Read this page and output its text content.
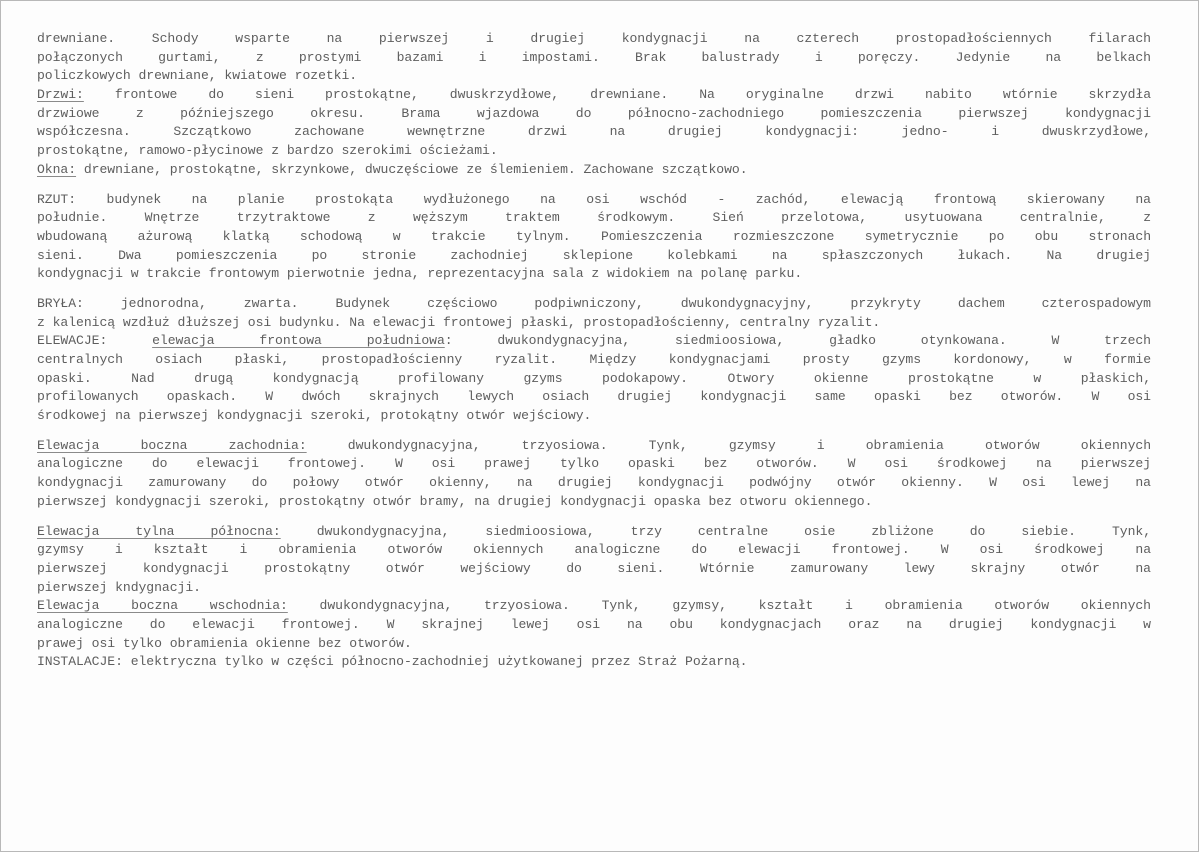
drewniane. Schody wsparte na pierwszej i drugiej kondygnacji na czterech prostopadłościennych filarach
połączonych gurtami, z prostymi bazami i impostami. Brak balustrady i poręczy. Jedynie na belkach
policzkowych drewniane, kwiatowe rozetki.
Drzwi: frontowe do sieni prostokątne, dwuskrzydłowe, drewniane. Na oryginalne drzwi nabito wtórnie skrzydła
drzwiowe z późniejszego okresu. Brama wjazdowa do północno-zachodniego pomieszczenia pierwszej kondygnacji
współczesna. Szczątkowo zachowane wewnętrzne drzwi na drugiej kondygnacji: jedno- i dwuskrzydłowe,
prostokątne, ramowo-płycinowe z bardzo szerokimi ościeżami.
Okna: drewniane, prostokątne, skrzynkowe, dwuczęściowe ze ślemieniem. Zachowane szczątkowo.
RZUT: budynek na planie prostokąta wydłużonego na osi wschód - zachód, elewacją frontową skierowany na
południe. Wnętrze trzytraktowe z węższym traktem środkowym. Sień przelotowa, usytuowana centralnie, z
wbudowaną ażurową klatką schodową w trakcie tylnym. Pomieszczenia rozmieszczone symetrycznie po obu stronach
sieni. Dwa pomieszczenia po stronie zachodniej sklepione kolebkami na spłaszczonych łukach. Na drugiej
kondygnacji w trakcie frontowym pierwotnie jedna, reprezentacyjna sala z widokiem na polanę parku.
BRYŁA: jednorodna, zwarta. Budynek częściowo podpiwniczony, dwukondygnacyjny, przykryty dachem czterospadowym
z kalenicą wzdłuż dłuższej osi budynku. Na elewacji frontowej płaski, prostopadłościenny, centralny ryzalit.
ELEWACJE: elewacja frontowa południowa: dwukondygnacyjna, siedmioosiowa, gładko otynkowana. W trzech
centralnych osiach płaski, prostopadłościenny ryzalit. Między kondygnacjami prosty gzyms kordonowy, w formie
opaski. Nad drugą kondygnacją profilowany gzyms podokapowy. Otwory okienne prostokątne w płaskich,
profilowanych opaskach. W dwóch skrajnych lewych osiach drugiej kondygnacji same opaski bez otworów. W osi
środkowej na pierwszej kondygnacji szeroki, protokątny otwór wejściowy.
Elewacja boczna zachodnia: dwukondygnacyjna, trzyosiowa. Tynk, gzymsy i obramienia otworów okiennych
analogiczne do elewacji frontowej. W osi prawej tylko opaski bez otworów. W osi środkowej na pierwszej
kondygnacji zamurowany do połowy otwór okienny, na drugiej kondygnacji podwójny otwór okienny. W osi lewej na
pierwszej kondygnacji szeroki, prostokątny otwór bramy, na drugiej kondygnacji opaska bez otworu okiennego.
Elewacja tylna północna: dwukondygnacyjna, siedmioosiowa, trzy centralne osie zbliżone do siebie. Tynk,
gzymsy i kształt i obramienia otworów okiennych analogiczne do elewacji frontowej. W osi środkowej na
pierwszej kondygnacji prostokątny otwór wejściowy do sieni. Wtórnie zamurowany lewy skrajny otwór na
pierwszej kndygnacji.
Elewacja boczna wschodnia: dwukondygnacyjna, trzyosiowa. Tynk, gzymsy, kształt i obramienia otworów okiennych
analogiczne do elewacji frontowej. W skrajnej lewej osi na obu kondygnacjach oraz na drugiej kondygnacji w
prawej osi tylko obramienia okienne bez otworów.
INSTALACJE: elektryczna tylko w części północno-zachodniej użytkowanej przez Straż Pożarną.
